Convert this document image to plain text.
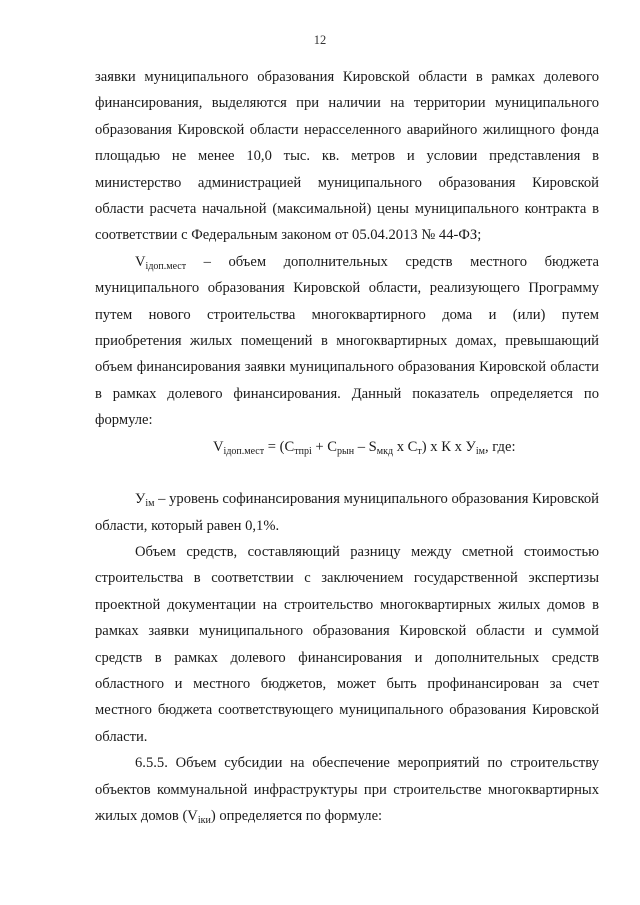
12

заявки муниципального образования Кировской области в рамках долевого финансирования, выделяются при наличии на территории муниципального образования Кировской области нерасселенного аварийного жилищного фонда площадью не менее 10,0 тыс. кв. метров и условии представления в министерство администрацией муниципального образования Кировской области расчета начальной (максимальной) цены муниципального контракта в соответствии с Федеральным законом от 05.04.2013 № 44-ФЗ;

$V_{iдоп.мест}$ – объем дополнительных средств местного бюджета муниципального образования Кировской области, реализующего Программу путем нового строительства многоквартирного дома и (или) путем приобретения жилых помещений в многоквартирных домах, превышающий объем финансирования заявки муниципального образования Кировской области в рамках долевого финансирования. Данный показатель определяется по формуле:

$V_{iдоп.мест} = (С_{тпрi} + С_{рын} - S_{мкд}$ х $С_т$) х К х $У_{iм}$, где:

$У_{iм}$ – уровень софинансирования муниципального образования Кировской области, который равен 0,1%.

Объем средств, составляющий разницу между сметной стоимостью строительства в соответствии с заключением государственной экспертизы проектной документации на строительство многоквартирных жилых домов в рамках заявки муниципального образования Кировской области и суммой средств в рамках долевого финансирования и дополнительных средств областного и местного бюджетов, может быть профинансирован за счет местного бюджета соответствующего муниципального образования Кировской области.

6.5.5. Объем субсидии на обеспечение мероприятий по строительству объектов коммунальной инфраструктуры при строительстве многоквартирных жилых домов $(V_{iки})$ определяется по формуле:
